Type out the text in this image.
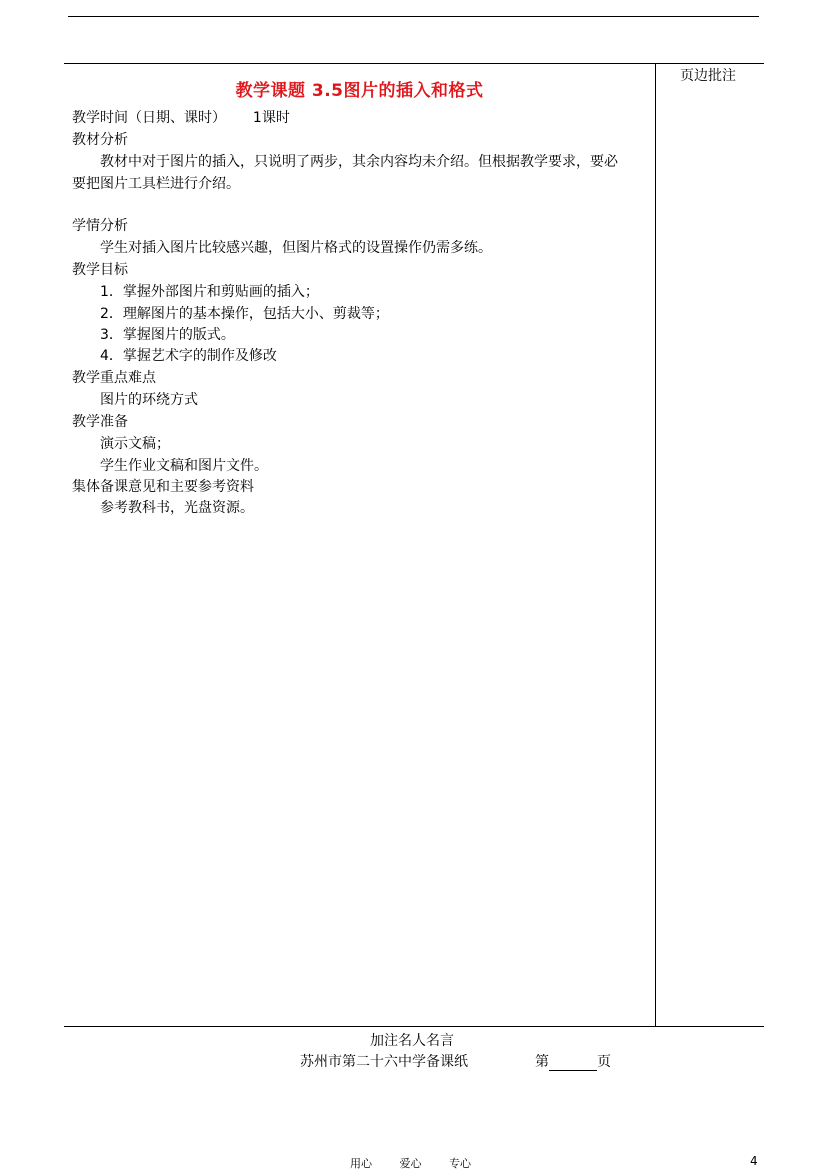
教学课题 3.5图片的插入和格式
页边批注
教学时间（日期、课时） 1课时
教材分析
教材中对于图片的插入，只说明了两步，其余内容均未介绍。但根据教学要求，要必
要把图片工具栏进行介绍。
学情分析
学生对插入图片比较感兴趣，但图片格式的设置操作仍需多练。
教学目标
1．掌握外部图片和剪贴画的插入；
2．理解图片的基本操作，包括大小、剪裁等；
3．掌握图片的版式。
4．掌握艺术字的制作及修改
教学重点难点
图片的环绕方式
教学准备
演示文稿；
学生作业文稿和图片文件。
集体备课意见和主要参考资料
参考教科书，光盘资源。
加注名人名言
苏州市第二十六中学备课纸	第	页
用心	爱心	专心	4
